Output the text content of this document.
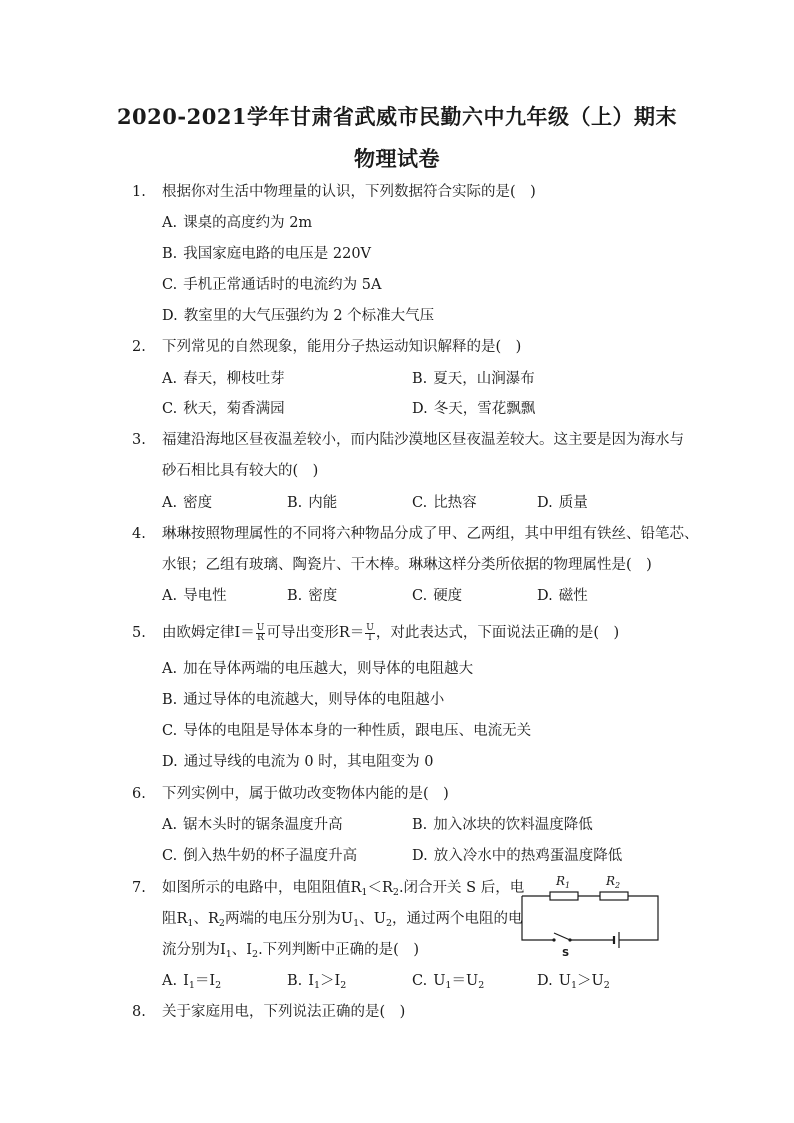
2020-2021学年甘肃省武威市民勤六中九年级（上）期末
物理试卷
1.	根据你对生活中物理量的认识，下列数据符合实际的是(　)
A. 课桌的高度约为 2m
B. 我国家庭电路的电压是 220V
C. 手机正常通话时的电流约为 5A
D. 教室里的大气压强约为 2 个标准大气压
2.	下列常见的自然现象，能用分子热运动知识解释的是(　)
A. 春天，柳枝吐芽	B. 夏天，山涧瀑布
C. 秋天，菊香满园	D. 冬天，雪花飘飘
3.	福建沿海地区昼夜温差较小，而内陆沙漠地区昼夜温差较大。这主要是因为海水与
砂石相比具有较大的(　)
A. 密度	B. 内能	C. 比热容	D. 质量
4.	琳琳按照物理属性的不同将六种物品分成了甲、乙两组，其中甲组有铁丝、铅笔芯、
水银；乙组有玻璃、陶瓷片、干木棒。琳琳这样分类所依据的物理属性是(　)
A. 导电性	B. 密度	C. 硬度	D. 磁性
5.	由欧姆定律$I= \frac{U}{R}$ 可导出变形$R= \frac{U}{I}$ ，对此表达式，下面说法正确的是(　)
A. 加在导体两端的电压越大，则导体的电阻越大
B. 通过导体的电流越大，则导体的电阻越小
C. 导体的电阻是导体本身的一种性质，跟电压、电流无关
D. 通过导线的电流为 0 时，其电阻变为 0
6.	下列实例中，属于做功改变物体内能的是(　)
A. 锯木头时的锯条温度升高	B. 加入冰块的饮料温度降低
C. 倒入热牛奶的杯子温度升高	D. 放入冷水中的热鸡蛋温度降低
7.	如图所示的电路中，电阻阻值$R_1<R_2$.闭合开关 S 后，电
阻$R_1$、$R_2$两端的电压分别为$U_1$、$U_2$，通过两个电阻的电
流分别为$I_1$、$I_2$.下列判断中正确的是(　)
A. $I_1=I_2$	B. $I_1>I_2$	C. $U_1=U_2$	D. $U_1>U_2$
$R_1$	$R_2$
S
8.	关于家庭用电，下列说法正确的是(　)
